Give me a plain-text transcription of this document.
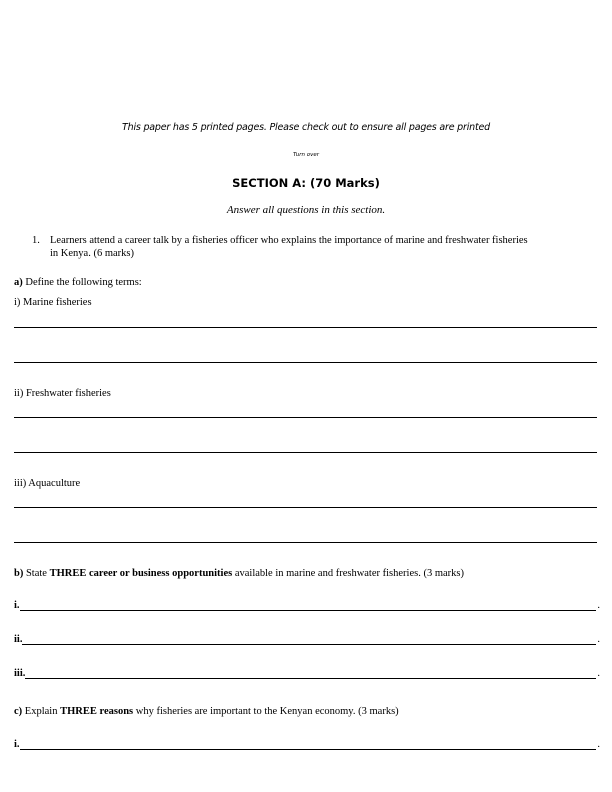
This paper has 5 printed pages. Please check out to ensure all pages are printed
Turn over
SECTION A: (70 Marks)
Answer all questions in this section.
1. Learners attend a career talk by a fisheries officer who explains the importance of marine and freshwater fisheries
in Kenya. (6 marks)
a) Define the following terms:
i) Marine fisheries
ii) Freshwater fisheries
iii) Aquaculture
b) State THREE career or business opportunities available in marine and freshwater fisheries. (3 marks)
i.	.
ii.	.
iii.	.
c) Explain THREE reasons why fisheries are important to the Kenyan economy. (3 marks)
i.	.
